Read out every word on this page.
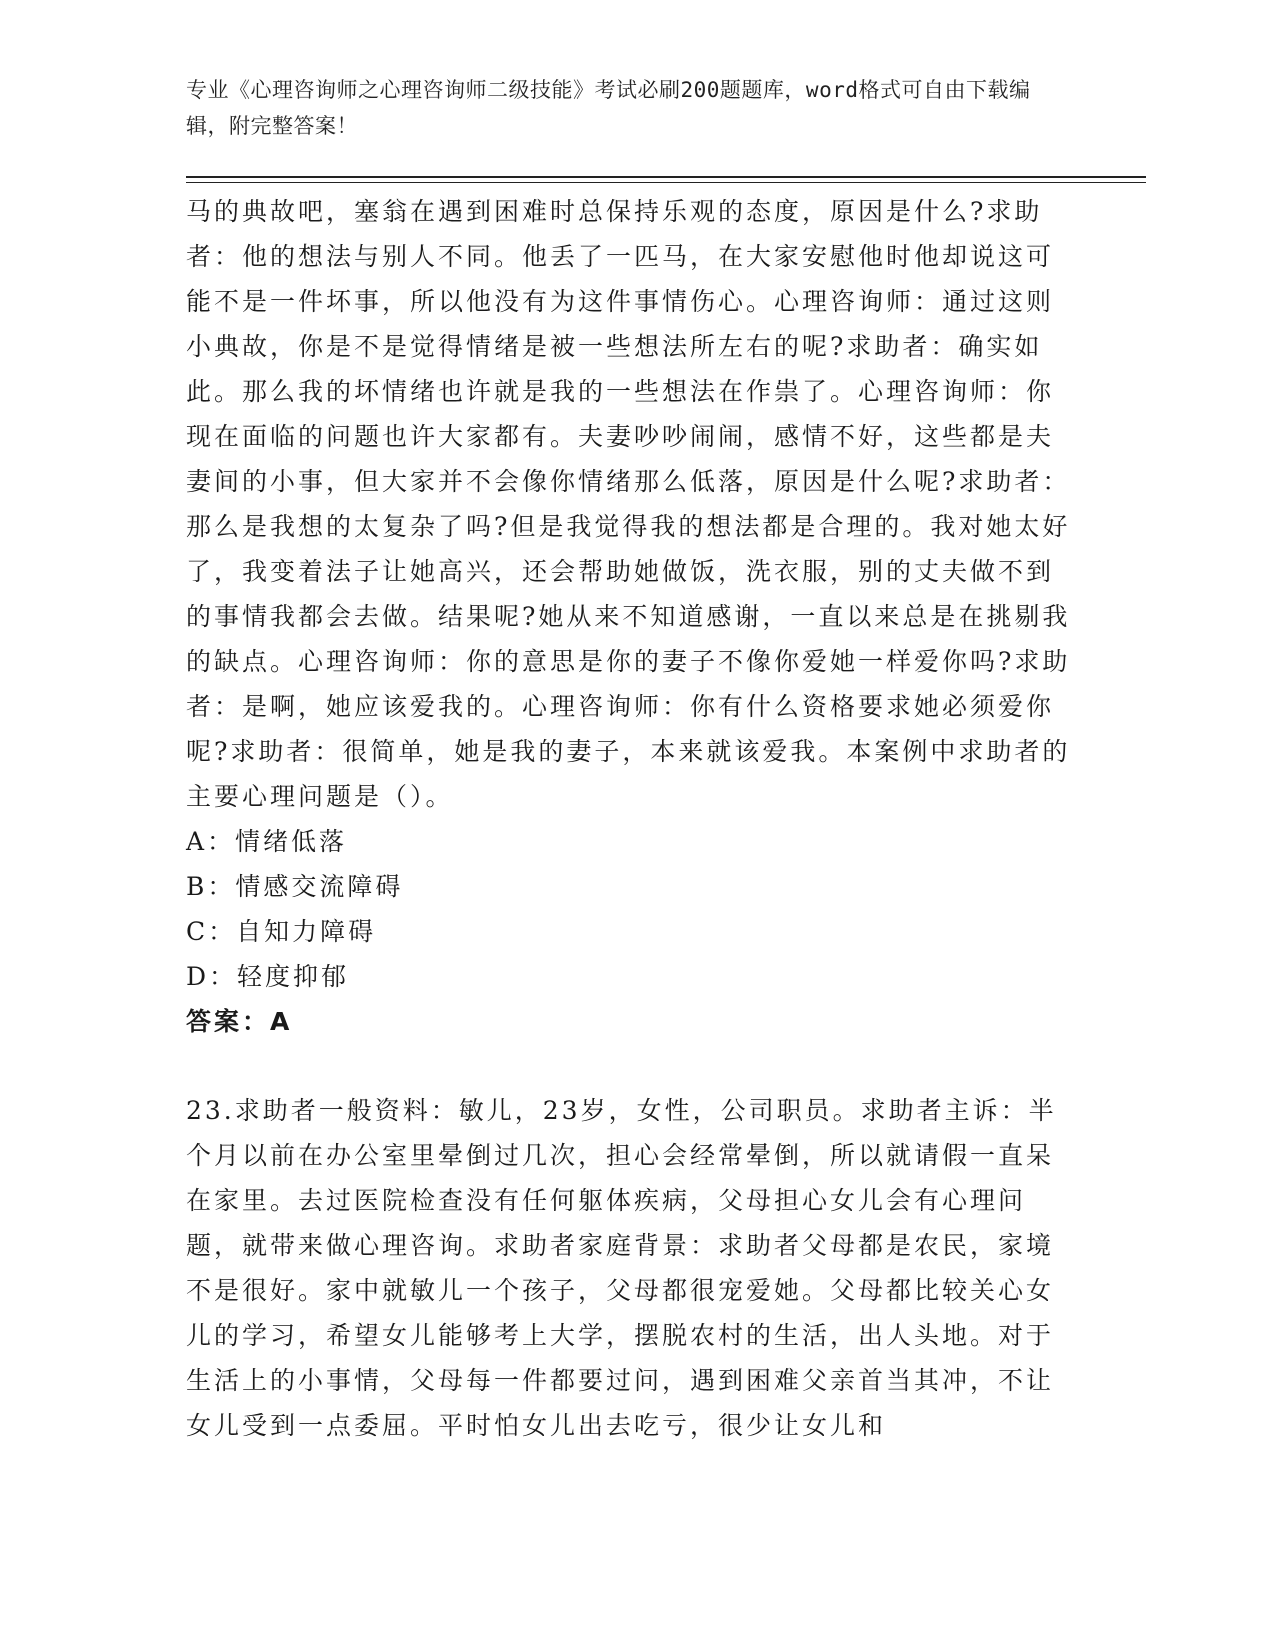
专业《心理咨询师之心理咨询师二级技能》考试必刷200题题库，word格式可自由下载编辑，附完整答案！

马的典故吧，塞翁在遇到困难时总保持乐观的态度，原因是什么?求助者：他的想法与别人不同。他丢了一匹马，在大家安慰他时他却说这可能不是一件坏事，所以他没有为这件事情伤心。心理咨询师：通过这则小典故，你是不是觉得情绪是被一些想法所左右的呢?求助者：确实如此。那么我的坏情绪也许就是我的一些想法在作祟了。心理咨询师：你现在面临的问题也许大家都有。夫妻吵吵闹闹，感情不好，这些都是夫妻间的小事，但大家并不会像你情绪那么低落，原因是什么呢?求助者：那么是我想的太复杂了吗?但是我觉得我的想法都是合理的。我对她太好了，我变着法子让她高兴，还会帮助她做饭，洗衣服，别的丈夫做不到的事情我都会去做。结果呢?她从来不知道感谢，一直以来总是在挑剔我的缺点。心理咨询师：你的意思是你的妻子不像你爱她一样爱你吗?求助者：是啊，她应该爱我的。心理咨询师：你有什么资格要求她必须爱你呢?求助者：很简单，她是我的妻子，本来就该爱我。本案例中求助者的主要心理问题是（）。

A：情绪低落

B：情感交流障碍

C：自知力障碍

D：轻度抑郁

答案：A

23.求助者一般资料：敏儿，23岁，女性，公司职员。求助者主诉：半个月以前在办公室里晕倒过几次，担心会经常晕倒，所以就请假一直呆在家里。去过医院检查没有任何躯体疾病，父母担心女儿会有心理问题，就带来做心理咨询。求助者家庭背景：求助者父母都是农民，家境不是很好。家中就敏儿一个孩子，父母都很宠爱她。父母都比较关心女儿的学习，希望女儿能够考上大学，摆脱农村的生活，出人头地。对于生活上的小事情，父母每一件都要过问，遇到困难父亲首当其冲，不让女儿受到一点委屈。平时怕女儿出去吃亏，很少让女儿和
